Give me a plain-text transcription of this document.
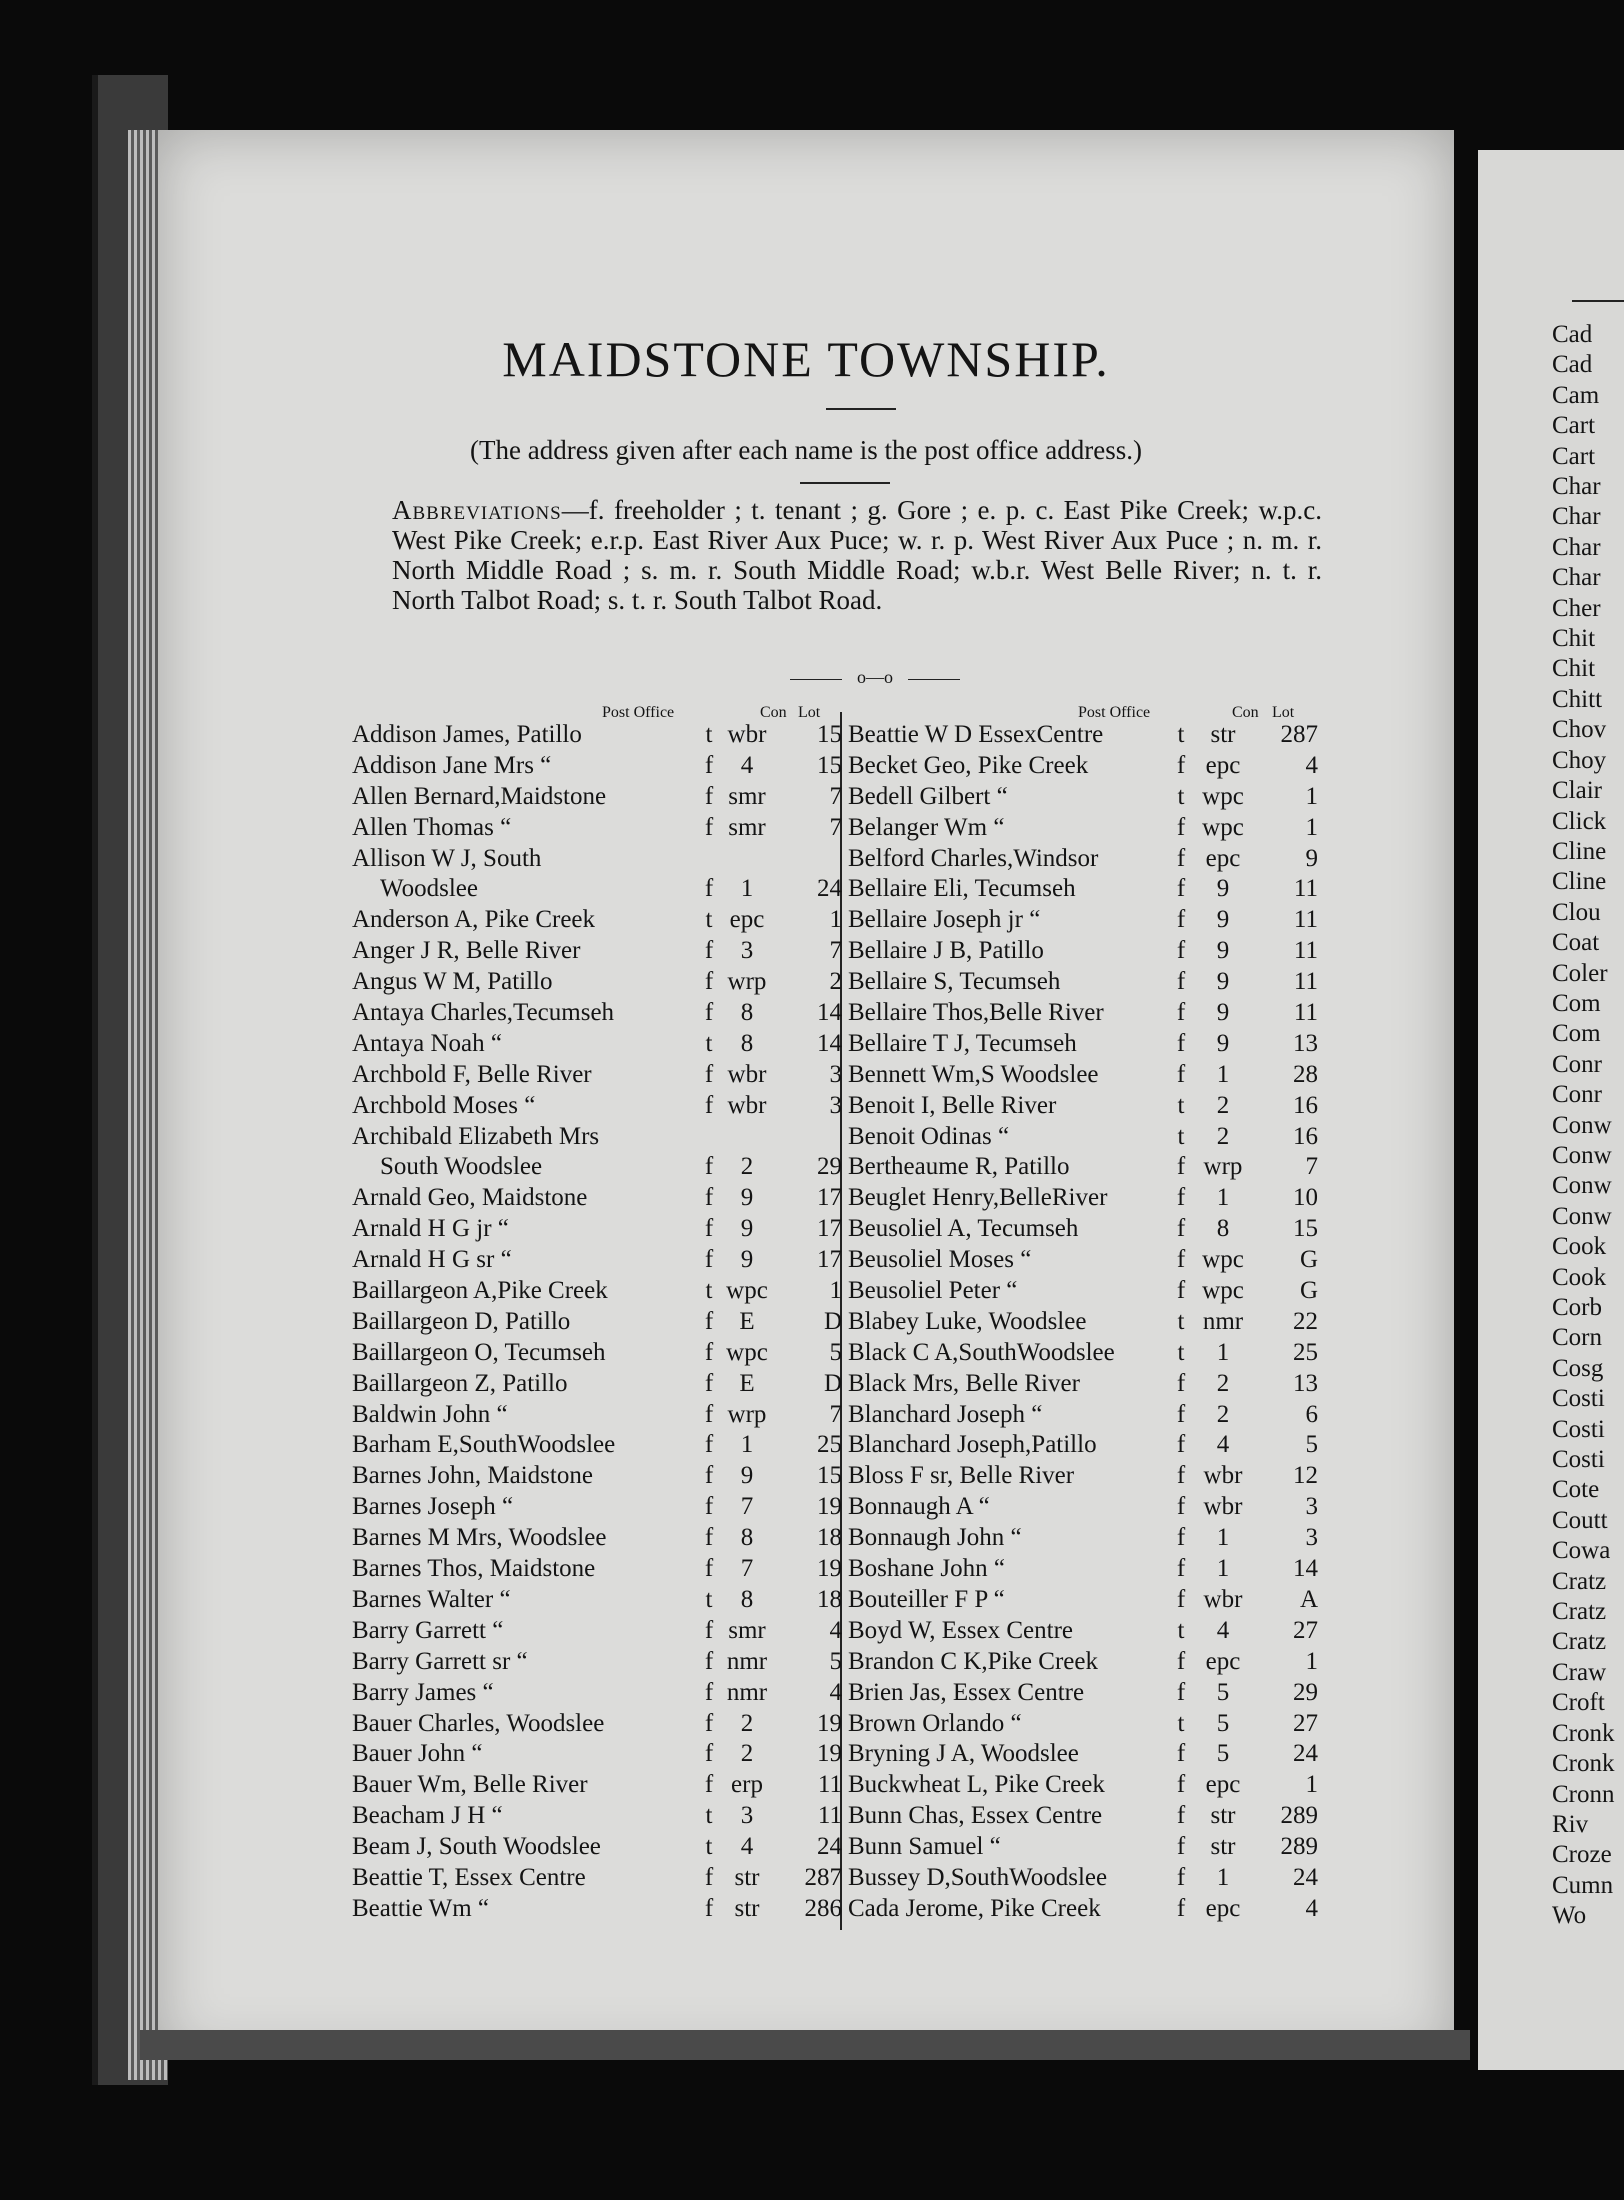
Cad
Cad
Cam
Cart
Cart
Char
Char
Char
Char
Cher
Chit
Chit
Chitt
Chov
Choy
Clair
Click
Cline
Cline
Clou
Coat
Coler
Com
Com
Conr
Conr
Conw
Conw
Conw
Conw
Cook
Cook
Corb
Corn
Cosg
Costi
Costi
Costi
Cote
Coutt
Cowa
Cratz
Cratz
Cratz
Craw
Croft
Cronk
Cronk
Cronn
Riv
Croze
Cumn
Wo
MAIDSTONE TOWNSHIP.
(The address given after each name is the post office address.)
Abbreviations—f. freeholder ; t. tenant ; g. Gore ; e. p. c. East Pike Creek; w.p.c. West Pike Creek; e.r.p. East River Aux Puce; w. r. p. West River Aux Puce ; n. m. r. North Middle Road ; s. m. r. South Middle Road; w.b.r. West Belle River; n. t. r. North Talbot Road; s. t. r. South Talbot Road.
o—o
Post Office	Con Lot
Addison James, Patillo	t wbr	15
Addison Jane Mrs “	f	4	15
Allen Bernard,Maidstone	f smr	7
Allen Thomas “	f smr	7
Allison W J, South
Woodslee	f	1	24
Anderson A, Pike Creek	t epc	1
Anger J R, Belle River	f	3	7
Angus W M, Patillo	f wrp	2
Antaya Charles,Tecumseh	f	8	14
Antaya Noah “	t	8	14
Archbold F, Belle River	f wbr	3
Archbold Moses “	f wbr	3
Archibald Elizabeth Mrs
South Woodslee	f	2	29
Arnald Geo, Maidstone	f	9	17
Arnald H G jr “	f	9	17
Arnald H G sr “	f	9	17
Baillargeon A,Pike Creek	t wpc	1
Baillargeon D, Patillo	f	E	D
Baillargeon O, Tecumseh	f wpc	5
Baillargeon Z, Patillo	f	E	D
Baldwin John “	f wrp	7
Barham E,SouthWoodslee	f	1	25
Barnes John, Maidstone	f	9	15
Barnes Joseph “	f	7	19
Barnes M Mrs, Woodslee	f	8	18
Barnes Thos, Maidstone	f	7	19
Barnes Walter “	t	8	18
Barry Garrett “	f smr	4
Barry Garrett sr “	f nmr	5
Barry James “	f nmr	4
Bauer Charles, Woodslee	f	2	19
Bauer John “	f	2	19
Bauer Wm, Belle River	f erp	11
Beacham J H “	t	3	11
Beam J, South Woodslee	t	4	24
Beattie T, Essex Centre	f str	287
Beattie Wm “	f str	286
Post Office	Con Lot
Beattie W D EssexCentre	t	str	287
Becket Geo, Pike Creek	f epc	4
Bedell Gilbert “	t wpc	1
Belanger Wm “	f wpc	1
Belford Charles,Windsor	f epc	9
Bellaire Eli, Tecumseh	f	9	11
Bellaire Joseph jr “	f	9	11
Bellaire J B, Patillo	f	9	11
Bellaire S, Tecumseh	f	9	11
Bellaire Thos,Belle River	f	9	11
Bellaire T J, Tecumseh	f	9	13
Bennett Wm,S Woodslee	f	1	28
Benoit I, Belle River	t	2	16
Benoit Odinas “	t	2	16
Bertheaume R, Patillo	f wrp	7
Beuglet Henry,BelleRiver	f	1	10
Beusoliel A, Tecumseh	f	8	15
Beusoliel Moses “	f wpc	G
Beusoliel Peter “	f wpc	G
Blabey Luke, Woodslee	t nmr	22
Black C A,SouthWoodslee	t	1	25
Black Mrs, Belle River	f	2	13
Blanchard Joseph “	f	2	6
Blanchard Joseph,Patillo	f	4	5
Bloss F sr, Belle River	f wbr	12
Bonnaugh A “	f wbr	3
Bonnaugh John “	f	1	3
Boshane John “	f	1	14
Bouteiller F P “	f wbr	A
Boyd W, Essex Centre	t	4	27
Brandon C K,Pike Creek	f epc	1
Brien Jas, Essex Centre	f	5	29
Brown Orlando “	t	5	27
Bryning J A, Woodslee	f	5	24
Buckwheat L, Pike Creek	f epc	1
Bunn Chas, Essex Centre	f	str	289
Bunn Samuel “	f	str	289
Bussey D,SouthWoodslee	f	1	24
Cada Jerome, Pike Creek	f epc	4
